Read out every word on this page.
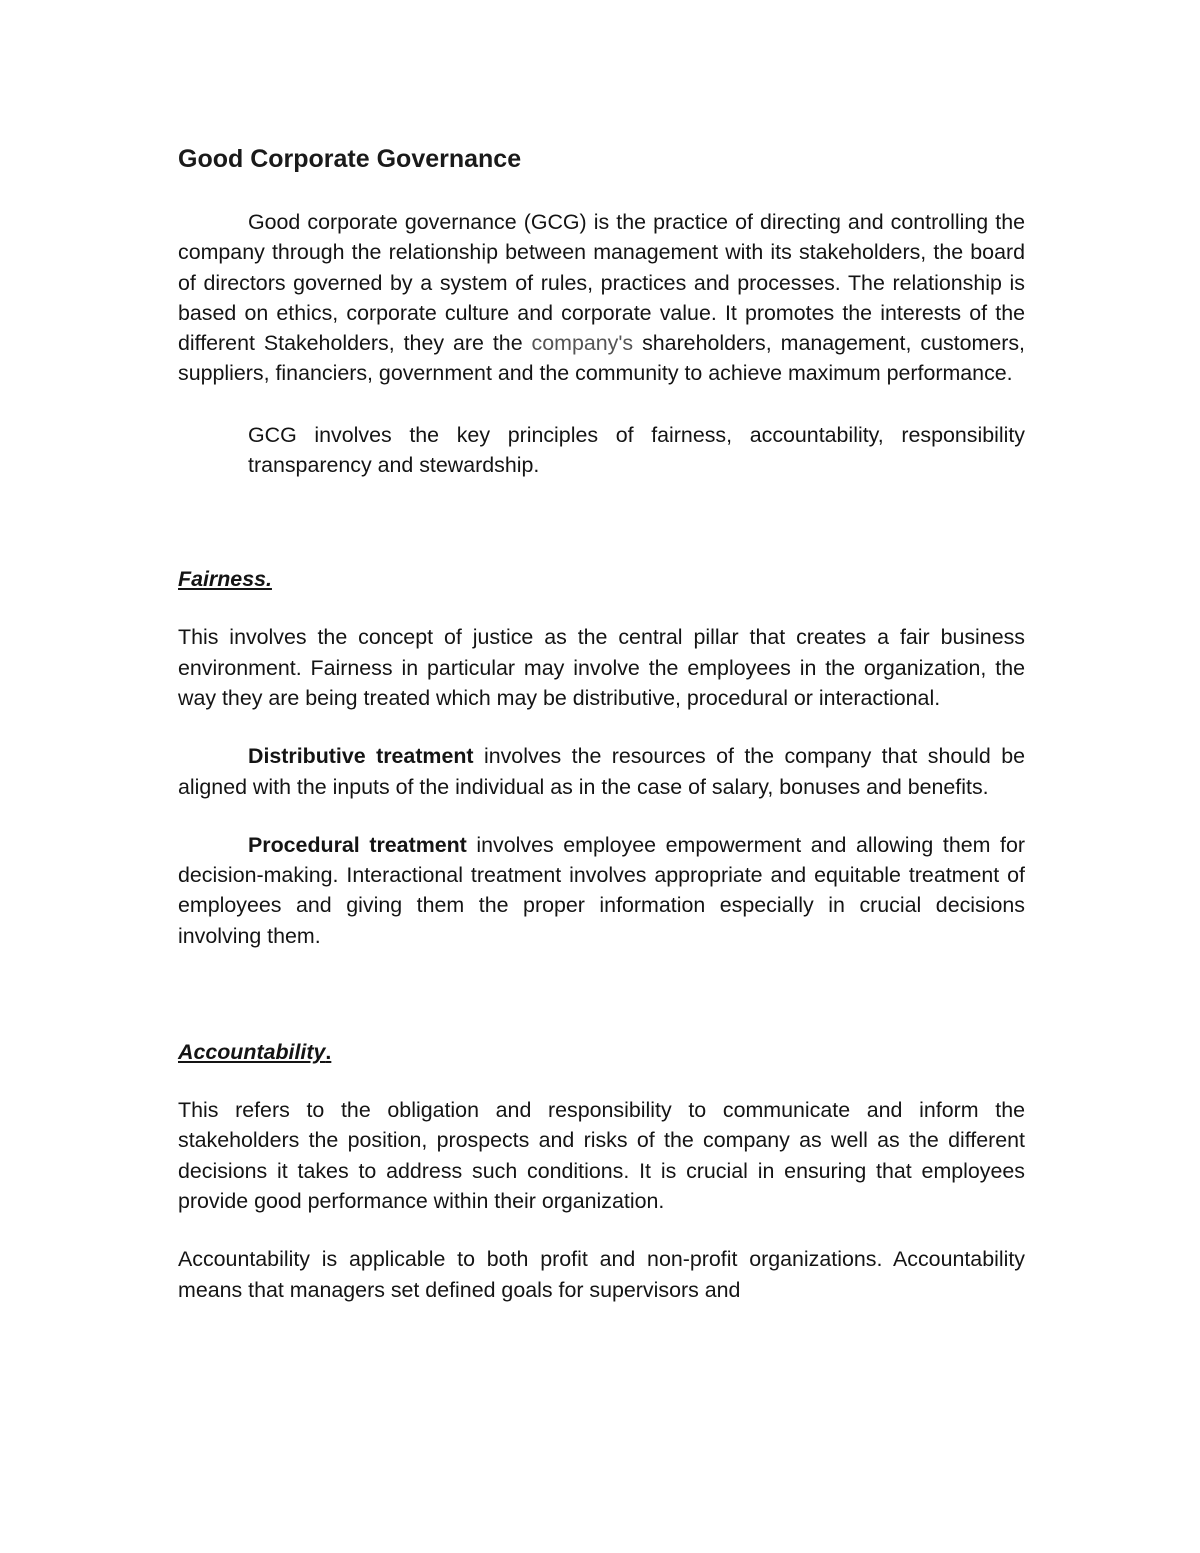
Good Corporate Governance

Good corporate governance (GCG) is the practice of directing and controlling the company through the relationship between management with its stakeholders, the board of directors governed by a system of rules, practices and processes. The relationship is based on ethics, corporate culture and corporate value. It promotes the interests of the different Stakeholders, they are the company's shareholders, management, customers, suppliers, financiers, government and the community to achieve maximum performance.

GCG involves the key principles of fairness, accountability, responsibility transparency and stewardship.

Fairness.

This involves the concept of justice as the central pillar that creates a fair business environment. Fairness in particular may involve the employees in the organization, the way they are being treated which may be distributive, procedural or interactional.

Distributive treatment involves the resources of the company that should be aligned with the inputs of the individual as in the case of salary, bonuses and benefits.

Procedural treatment involves employee empowerment and allowing them for decision-making. Interactional treatment involves appropriate and equitable treatment of employees and giving them the proper information especially in crucial decisions involving them.

Accountability.

This refers to the obligation and responsibility to communicate and inform the stakeholders the position, prospects and risks of the company as well as the different decisions it takes to address such conditions. It is crucial in ensuring that employees provide good performance within their organization.

Accountability is applicable to both profit and non-profit organizations. Accountability means that managers set defined goals for supervisors and
